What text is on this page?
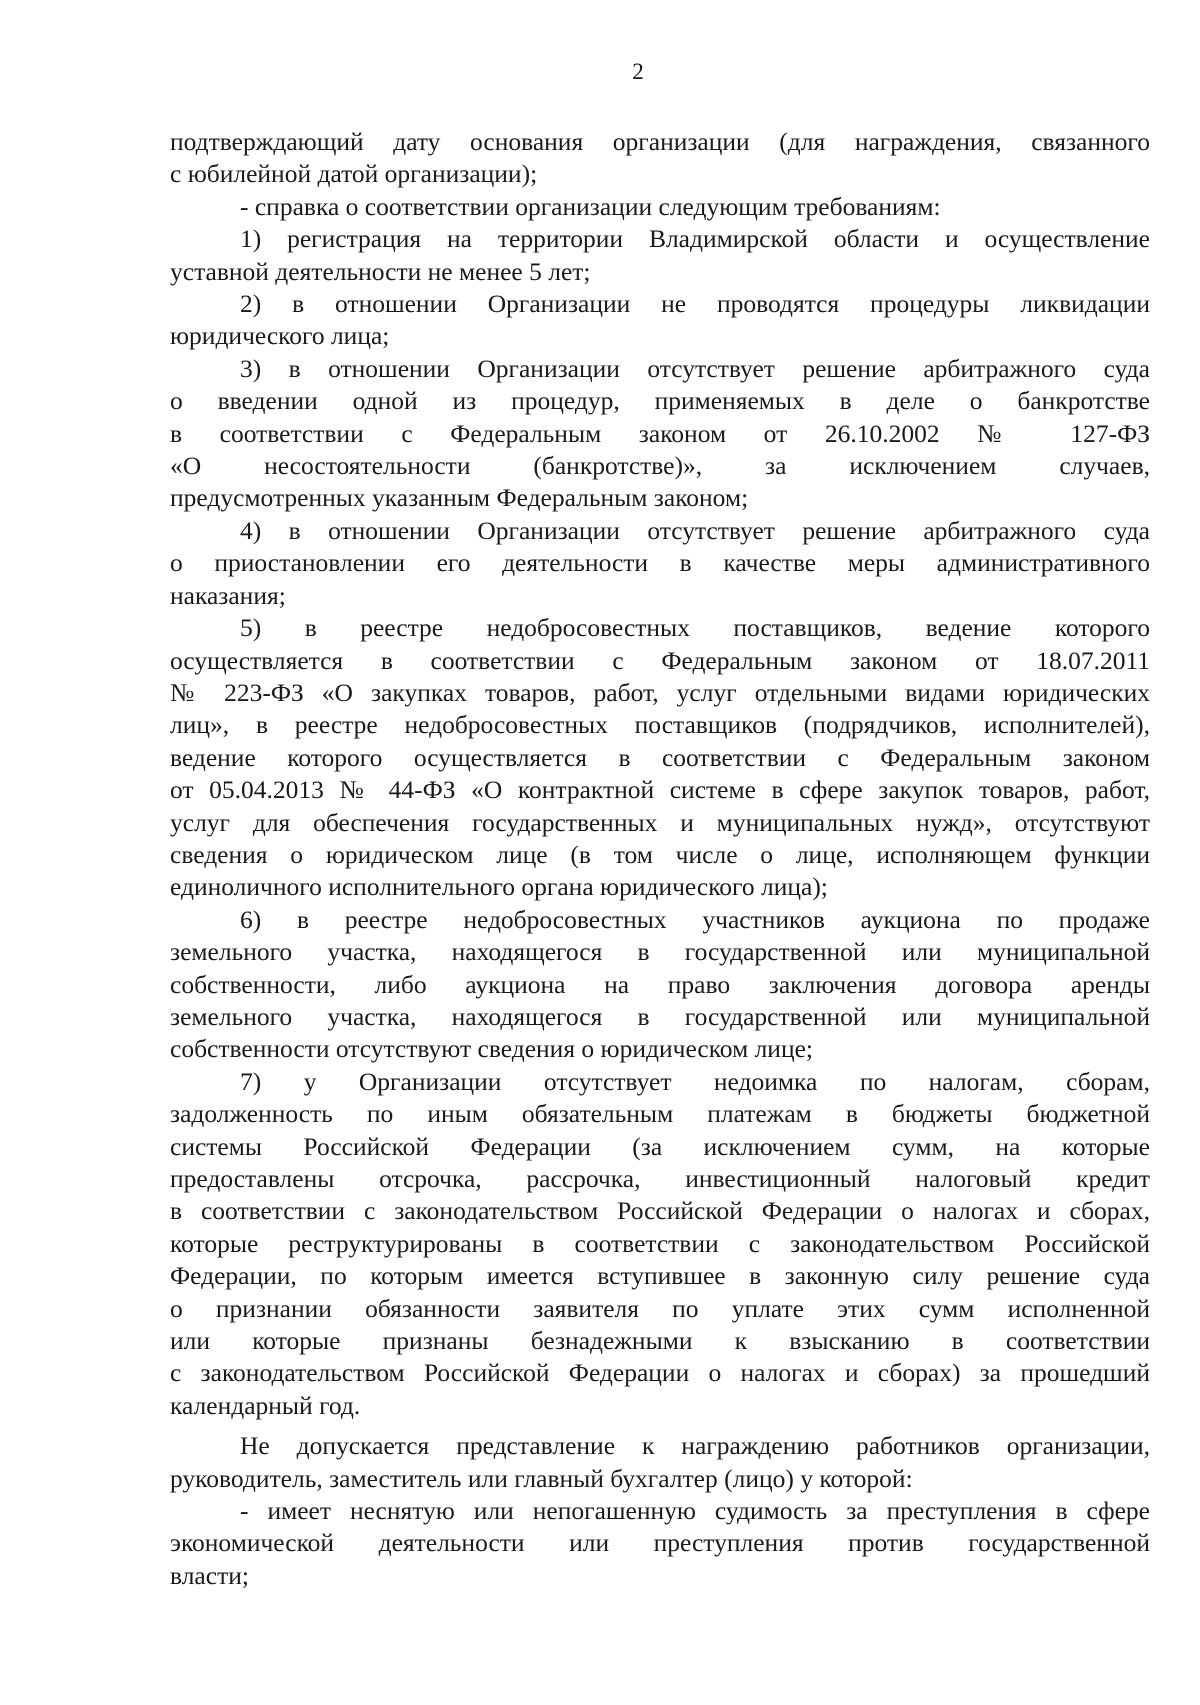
2
подтверждающий дату основания организации (для награждения, связанного
с юбилейной датой организации);
- справка о соответствии организации следующим требованиям:
1) регистрация на территории Владимирской области и осуществление
уставной деятельности не менее 5 лет;
2) в отношении Организации не проводятся процедуры ликвидации
юридического лица;
3) в отношении Организации отсутствует решение арбитражного суда
о введении одной из процедур, применяемых в деле о банкротстве
в соответствии с Федеральным законом от 26.10.2002 № 127-ФЗ
«О несостоятельности (банкротстве)», за исключением случаев,
предусмотренных указанным Федеральным законом;
4) в отношении Организации отсутствует решение арбитражного суда
о приостановлении его деятельности в качестве меры административного
наказания;
5) в реестре недобросовестных поставщиков, ведение которого
осуществляется в соответствии с Федеральным законом от 18.07.2011
№ 223-ФЗ «О закупках товаров, работ, услуг отдельными видами юридических
лиц», в реестре недобросовестных поставщиков (подрядчиков, исполнителей),
ведение которого осуществляется в соответствии с Федеральным законом
от 05.04.2013 № 44-ФЗ «О контрактной системе в сфере закупок товаров, работ,
услуг для обеспечения государственных и муниципальных нужд», отсутствуют
сведения о юридическом лице (в том числе о лице, исполняющем функции
единоличного исполнительного органа юридического лица);
6) в реестре недобросовестных участников аукциона по продаже
земельного участка, находящегося в государственной или муниципальной
собственности, либо аукциона на право заключения договора аренды
земельного участка, находящегося в государственной или муниципальной
собственности отсутствуют сведения о юридическом лице;
7) у Организации отсутствует недоимка по налогам, сборам,
задолженность по иным обязательным платежам в бюджеты бюджетной
системы Российской Федерации (за исключением сумм, на которые
предоставлены отсрочка, рассрочка, инвестиционный налоговый кредит
в соответствии с законодательством Российской Федерации о налогах и сборах,
которые реструктурированы в соответствии с законодательством Российской
Федерации, по которым имеется вступившее в законную силу решение суда
о признании обязанности заявителя по уплате этих сумм исполненной
или которые признаны безнадежными к взысканию в соответствии
с законодательством Российской Федерации о налогах и сборах) за прошедший
календарный год.
Не допускается представление к награждению работников организации,
руководитель, заместитель или главный бухгалтер (лицо) у которой:
- имеет неснятую или непогашенную судимость за преступления в сфере
экономической деятельности или преступления против государственной
власти;
